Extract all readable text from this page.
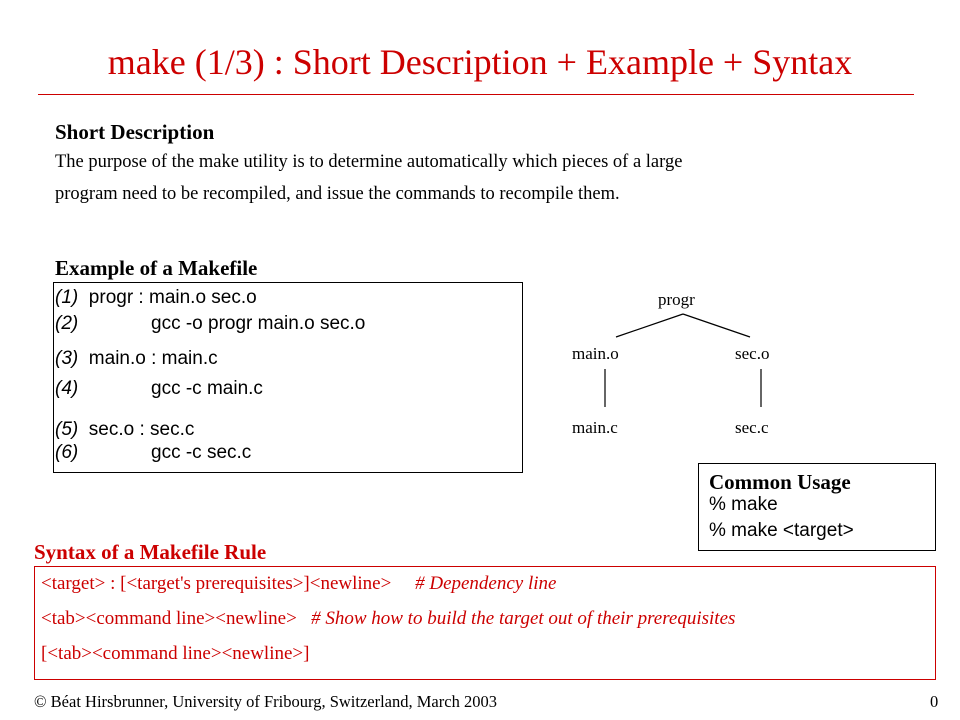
make (1/3) : Short Description + Example + Syntax
Short Description
The purpose of the make utility is to determine automatically which pieces of a large
program need to be recompiled, and issue the commands to recompile them.
Example of a Makefile
(1) progr : main.o sec.o
(2)	gcc -o progr main.o sec.o
(3) main.o : main.c
(4)	gcc -c main.c
(5) sec.o : sec.c
(6)	gcc -c sec.c
progr
main.o	sec.o
main.c	sec.c
Common Usage
% make
% make <target>
Syntax of a Makefile Rule
<target> : [<target's prerequisites>]<newline> # Dependency line
<tab><command line><newline> # Show how to build the target out of their prerequisites
[<tab><command line><newline>]
© Béat Hirsbrunner, University of Fribourg, Switzerland, March 2003	0
